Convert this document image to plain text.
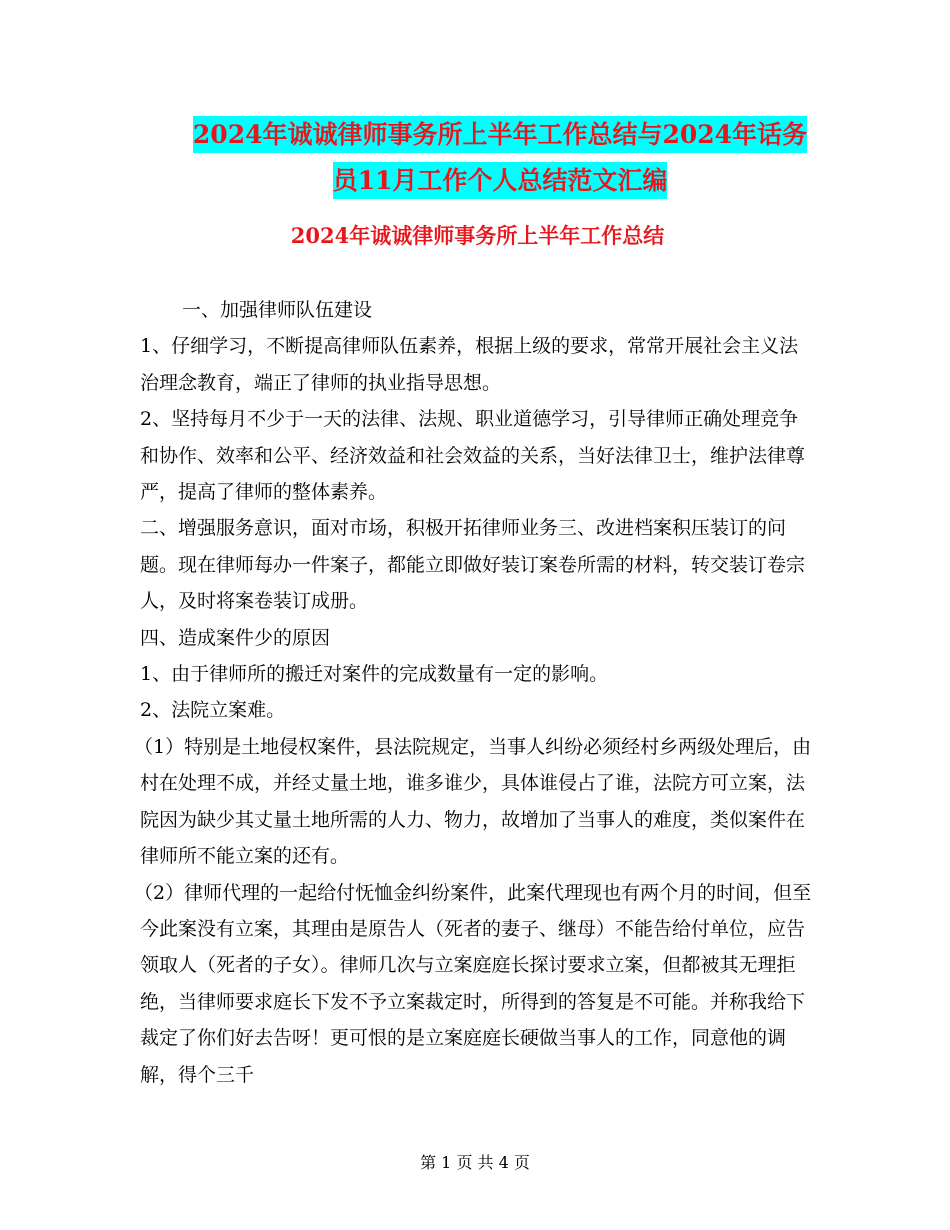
2024年诚诚律师事务所上半年工作总结与2024年话务
员11月工作个人总结范文汇编
2024年诚诚律师事务所上半年工作总结

一、加强律师队伍建设

1、仔细学习，不断提高律师队伍素养，根据上级的要求，常常开展社会主义法治理念教育，端正了律师的执业指导思想。

2、坚持每月不少于一天的法律、法规、职业道德学习，引导律师正确处理竞争和协作、效率和公平、经济效益和社会效益的关系，当好法律卫士，维护法律尊严，提高了律师的整体素养。

二、增强服务意识，面对市场，积极开拓律师业务三、改进档案积压装订的问题。现在律师每办一件案子，都能立即做好装订案卷所需的材料，转交装订卷宗人，及时将案卷装订成册。

四、造成案件少的原因

1、由于律师所的搬迁对案件的完成数量有一定的影响。

2、法院立案难。

（1）特别是土地侵权案件，县法院规定，当事人纠纷必须经村乡两级处理后，由村在处理不成，并经丈量土地，谁多谁少，具体谁侵占了谁，法院方可立案，法院因为缺少其丈量土地所需的人力、物力，故增加了当事人的难度，类似案件在律师所不能立案的还有。

（2）律师代理的一起给付怃恤金纠纷案件，此案代理现也有两个月的时间，但至今此案没有立案，其理由是原告人（死者的妻子、继母）不能告给付单位，应告领取人（死者的子女）。律师几次与立案庭庭长探讨要求立案，但都被其无理拒绝，当律师要求庭长下发不予立案裁定时，所得到的答复是不可能。并称我给下裁定了你们好去告呀！更可恨的是立案庭庭长硬做当事人的工作，同意他的调解，得个三千

第 1 页 共 4 页
